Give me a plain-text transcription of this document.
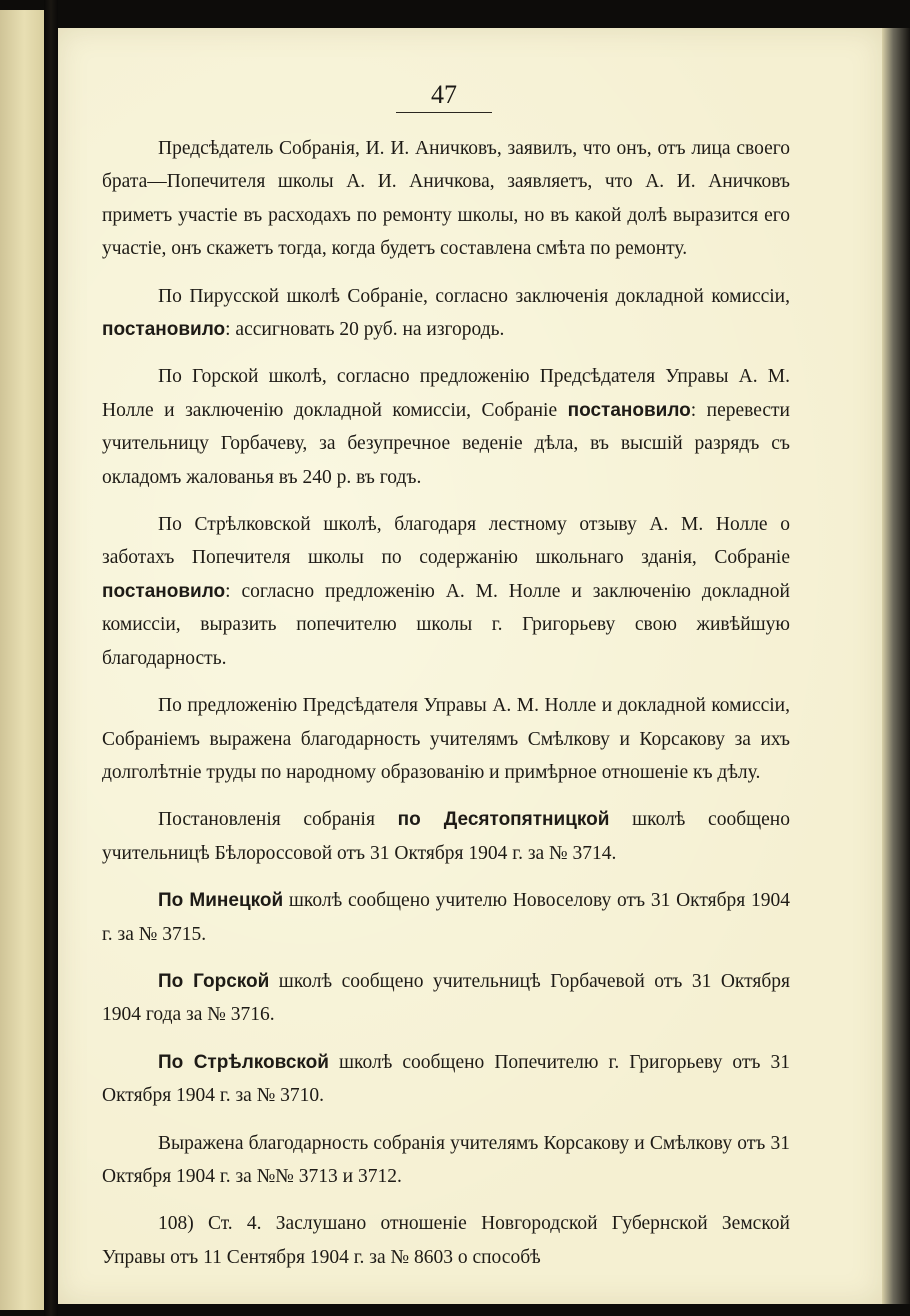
47

Предсѣдатель Собранія, И. И. Аничковъ, заявилъ, что онъ, отъ лица своего брата—Попечителя школы А. И. Аничкова, заявляетъ, что А. И. Аничковъ приметъ участіе въ расходахъ по ремонту школы, но въ какой долѣ выразится его участіе, онъ скажетъ тогда, когда будетъ составлена смѣта по ремонту.

По Пирусской школѣ Собраніе, согласно заключенія докладной комиссіи, постановило: ассигновать 20 руб. на изгородь.

По Горской школѣ, согласно предложенію Предсѣдателя Управы А. М. Нолле и заключенію докладной комиссіи, Собраніе постановило: перевести учительницу Горбачеву, за безупречное веденіе дѣла, въ высшій разрядъ съ окладомъ жалованья въ 240 р. въ годъ.

По Стрѣлковской школѣ, благодаря лестному отзыву А. М. Нолле о заботахъ Попечителя школы по содержанію школьнаго зданія, Собраніе постановило: согласно предложенію А. М. Нолле и заключенію докладной комиссіи, выразить попечителю школы г. Григорьеву свою живѣйшую благодарность.

По предложенію Предсѣдателя Управы А. М. Нолле и докладной комиссіи, Собраніемъ выражена благодарность учителямъ Смѣлкову и Корсакову за ихъ долголѣтніе труды по народному образованію и примѣрное отношеніе къ дѣлу.

Постановленія собранія по Десятопятницкой школѣ сообщено учительницѣ Бѣлороссовой отъ 31 Октября 1904 г. за № 3714.

По Минецкой школѣ сообщено учителю Новоселову отъ 31 Октября 1904 г. за № 3715.

По Горской школѣ сообщено учительницѣ Горбачевой отъ 31 Октября 1904 года за № 3716.

По Стрѣлковской школѣ сообщено Попечителю г. Григорьеву отъ 31 Октября 1904 г. за № 3710.

Выражена благодарность собранія учителямъ Корсакову и Смѣлкову отъ 31 Октября 1904 г. за №№ 3713 и 3712.

108) Ст. 4. Заслушано отношеніе Новгородской Губернской Земской Управы отъ 11 Сентября 1904 г. за № 8603 о способѣ
